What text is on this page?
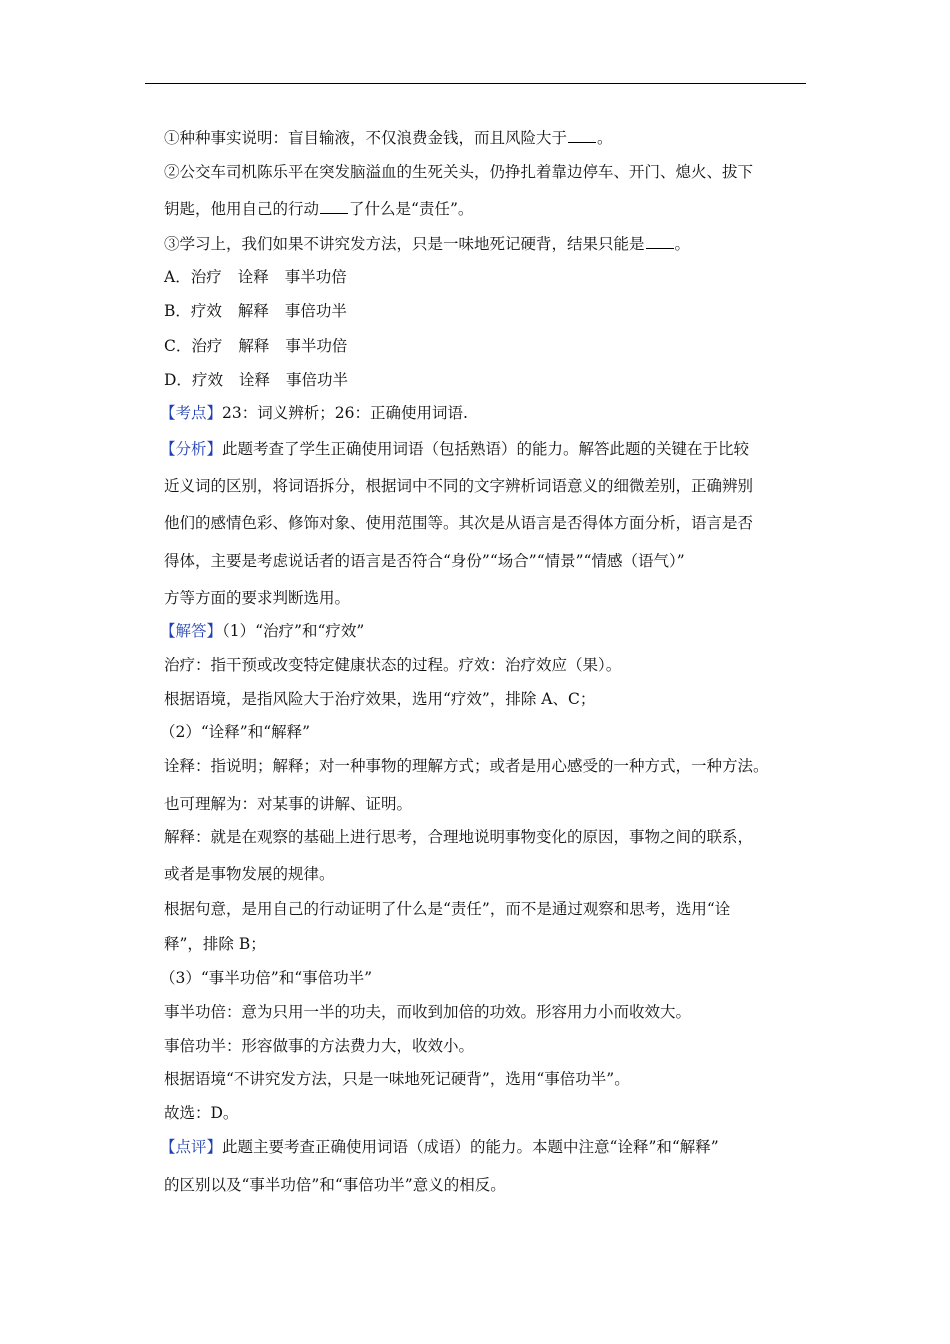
①种种事实说明：盲目输液，不仅浪费金钱，而且风险大于 。
②公交车司机陈乐平在突发脑溢血的生死关头，仍挣扎着靠边停车、开门、熄火、拔下
钥匙，他用自己的行动 了什么是“责任”。
③学习上，我们如果不讲究发方法，只是一味地死记硬背，结果只能是 。
A．治疗 诠释 事半功倍
B．疗效 解释 事倍功半
C．治疗 解释 事半功倍
D．疗效 诠释 事倍功半
【考点】23：词义辨析；26：正确使用词语.
【分析】此题考查了学生正确使用词语（包括熟语）的能力。解答此题的关键在于比较
近义词的区别，将词语拆分，根据词中不同的文字辨析词语意义的细微差别，正确辨别
他们的感情色彩、修饰对象、使用范围等。其次是从语言是否得体方面分析，语言是否
得体，主要是考虑说话者的语言是否符合“身份”“场合”“情景”“情感（语气）”
方等方面的要求判断选用。
【解答】（1）“治疗”和“疗效”
治疗：指干预或改变特定健康状态的过程。疗效：治疗效应（果）。
根据语境，是指风险大于治疗效果，选用“疗效”，排除 A、C；
（2）“诠释”和“解释”
诠释：指说明；解释；对一种事物的理解方式；或者是用心感受的一种方式，一种方法。
也可理解为：对某事的讲解、证明。
解释：就是在观察的基础上进行思考，合理地说明事物变化的原因，事物之间的联系，
或者是事物发展的规律。
根据句意，是用自己的行动证明了什么是“责任”，而不是通过观察和思考，选用“诠
释”，排除 B；
（3）“事半功倍”和“事倍功半”
事半功倍：意为只用一半的功夫，而收到加倍的功效。形容用力小而收效大。
事倍功半：形容做事的方法费力大，收效小。
根据语境“不讲究发方法，只是一味地死记硬背”，选用“事倍功半”。
故选：D。
【点评】此题主要考查正确使用词语（成语）的能力。本题中注意“诠释”和“解释”
的区别以及“事半功倍”和“事倍功半”意义的相反。
